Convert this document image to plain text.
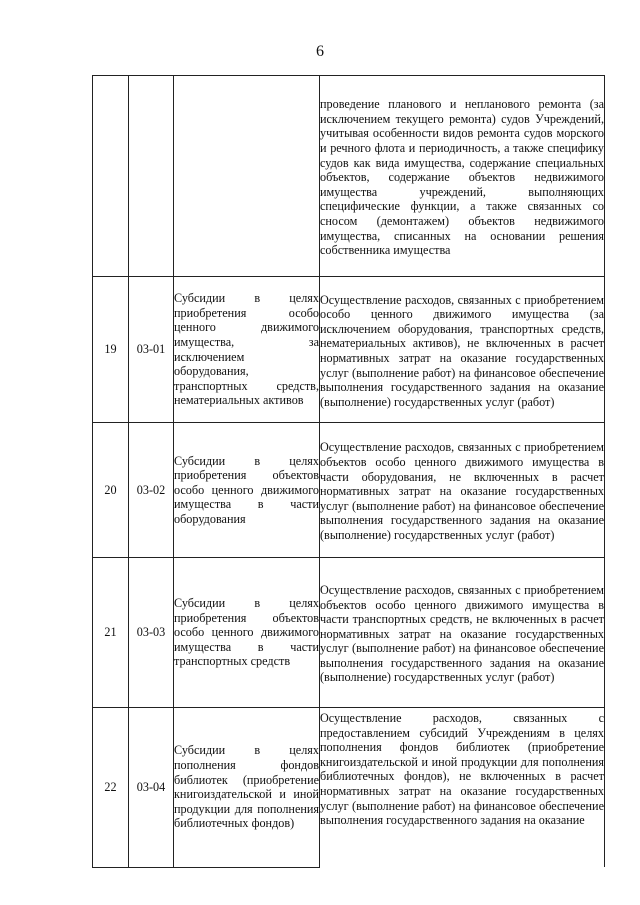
6

			проведение планового и непланового ремонта (за исключением текущего ремонта) судов Учреждений, учитывая особенности видов ремонта судов морского и речного флота и периодичность, а также специфику судов как вида имущества, содержание специальных объектов, содержание объектов недвижимого имущества учреждений, выполняющих специфические функции, а также связанных со сносом (демонтажем) объектов недвижимого имущества, списанных на основании решения собственника имущества

19	03-01	Субсидии в целях приобретения особо ценного движимого имущества, за исключением оборудования, транспортных средств, нематериальных активов	Осуществление расходов, связанных с приобретением особо ценного движимого имущества (за исключением оборудования, транспортных средств, нематериальных активов), не включенных в расчет нормативных затрат на оказание государственных услуг (выполнение работ) на финансовое обеспечение выполнения государственного задания на оказание (выполнение) государственных услуг (работ)

20	03-02	Субсидии в целях приобретения объектов особо ценного движимого имущества в части оборудования	Осуществление расходов, связанных с приобретением объектов особо ценного движимого имущества в части оборудования, не включенных в расчет нормативных затрат на оказание государственных услуг (выполнение работ) на финансовое обеспечение выполнения государственного задания на оказание (выполнение) государственных услуг (работ)

21	03-03	Субсидии в целях приобретения объектов особо ценного движимого имущества в части транспортных средств	Осуществление расходов, связанных с приобретением объектов особо ценного движимого имущества в части транспортных средств, не включенных в расчет нормативных затрат на оказание государственных услуг (выполнение работ) на финансовое обеспечение выполнения государственного задания на оказание (выполнение) государственных услуг (работ)

22	03-04	Субсидии в целях пополнения фондов библиотек (приобретение книгоиздательской и иной продукции для пополнения библиотечных фондов)	Осуществление расходов, связанных с предоставлением субсидий Учреждениям в целях пополнения фондов библиотек (приобретение книгоиздательской и иной продукции для пополнения библиотечных фондов), не включенных в расчет нормативных затрат на оказание государственных услуг (выполнение работ) на финансовое обеспечение выполнения государственного задания на оказание
